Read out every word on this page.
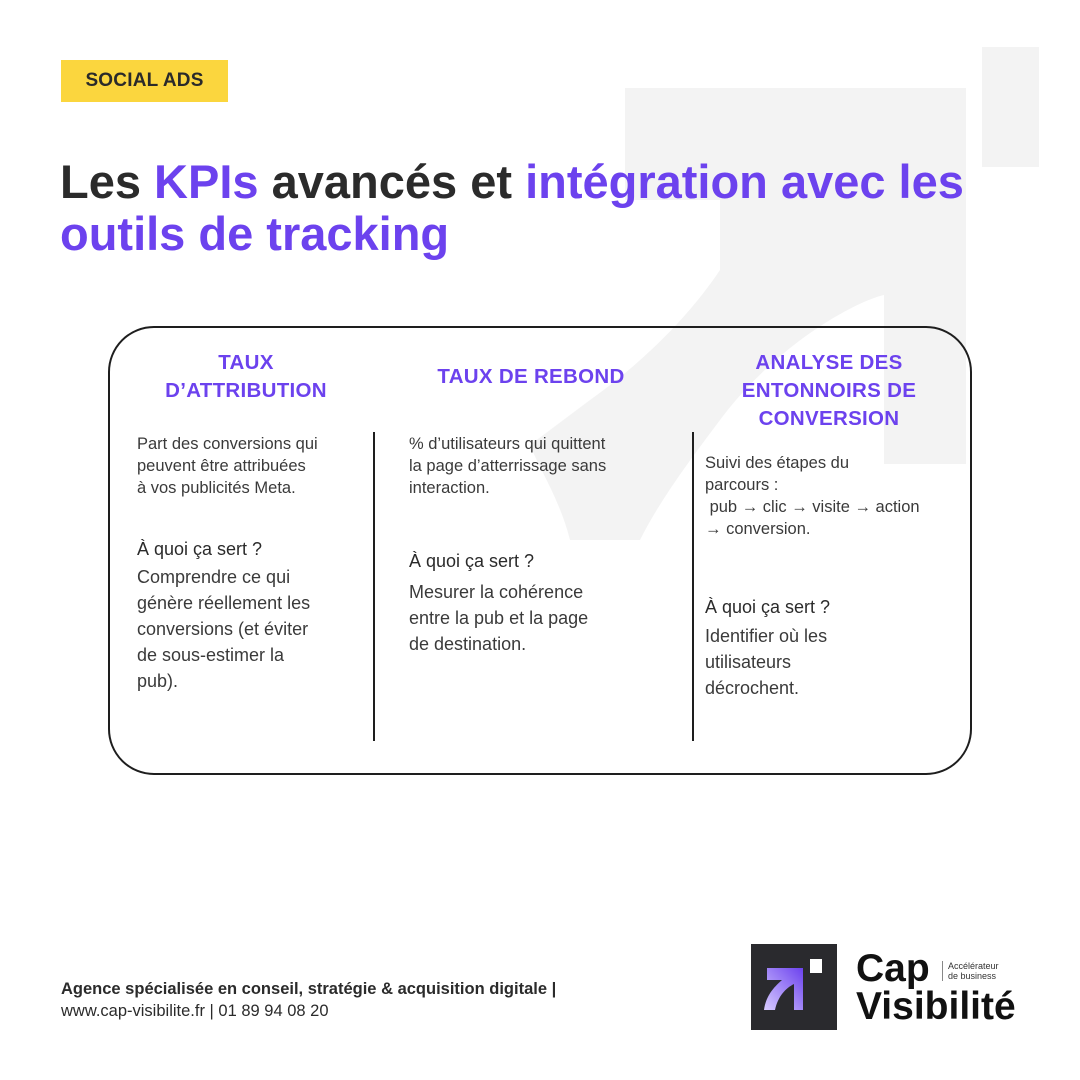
SOCIAL ADS
Les KPIs avancés et intégration avec les outils de tracking
TAUX
D’ATTRIBUTION
Part des conversions qui
peuvent être attribuées
à vos publicités Meta.
À quoi ça sert ?
Comprendre ce qui
génère réellement les
conversions (et éviter
de sous-estimer la
pub).
TAUX DE REBOND
% d’utilisateurs qui quittent
la page d’atterrissage sans
interaction.
À quoi ça sert ?
Mesurer la cohérence
entre la pub et la page
de destination.
ANALYSE DES
ENTONNOIRS DE
CONVERSION
Suivi des étapes du
parcours :
pub → clic → visite → action
→ conversion.
À quoi ça sert ?
Identifier où les
utilisateurs
décrochent.
Agence spécialisée en conseil, stratégie & acquisition digitale |
www.cap-visibilite.fr | 01 89 94 08 20
Cap
Visibilité
Accélérateur
de business
